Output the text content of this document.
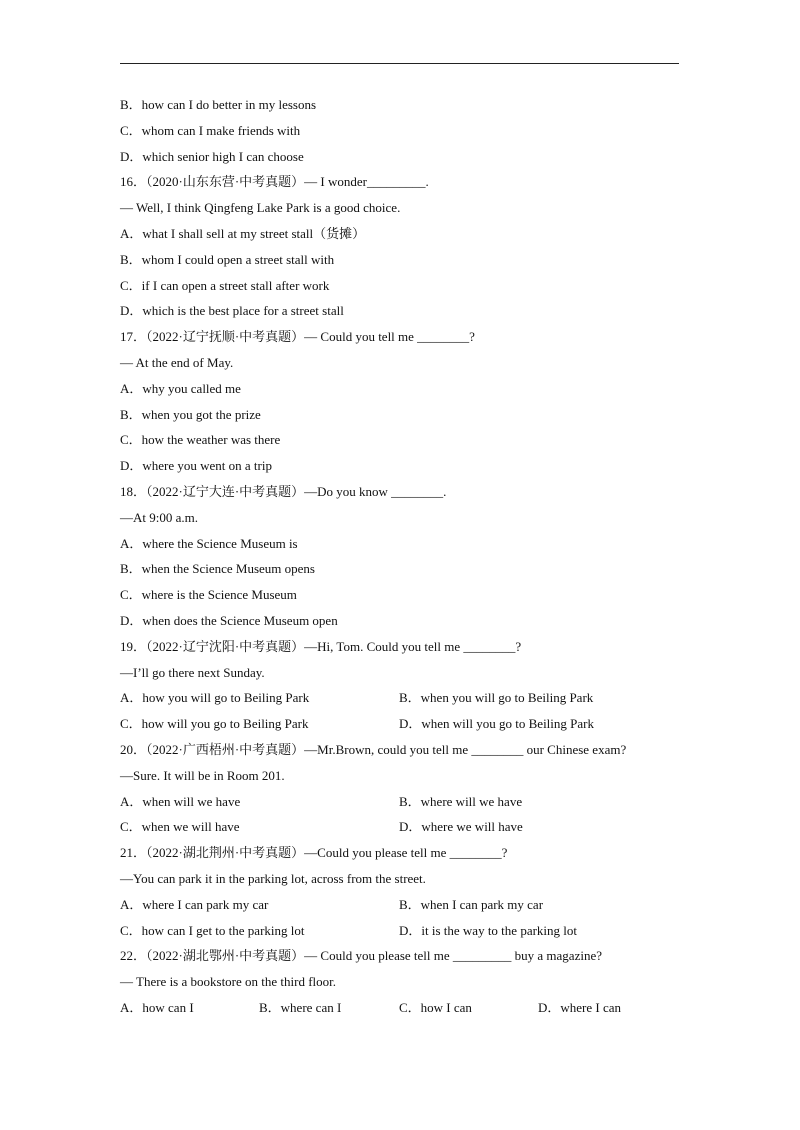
B．how can I do better in my lessons
C．whom can I make friends with
D．which senior high I can choose
16．（2020·山东东营·中考真题）— I wonder_________.
— Well, I think Qingfeng Lake Park is a good choice.
A．what I shall sell at my street stall（货摊）
B．whom I could open a street stall with
C．if I can open a street stall after work
D．which is the best place for a street stall
17．（2022·辽宁抚顺·中考真题）— Could you tell me ________?
— At the end of May.
A．why you called me
B．when you got the prize
C．how the weather was there
D．where you went on a trip
18．（2022·辽宁大连·中考真题）—Do you know ________.
—At 9:00 a.m.
A．where the Science Museum is
B．when the Science Museum opens
C．where is the Science Museum
D．when does the Science Museum open
19．（2022·辽宁沈阳·中考真题）—Hi, Tom. Could you tell me ________?
—I’ll go there next Sunday.
A．how you will go to Beiling Park	B．when you will go to Beiling Park
C．how will you go to Beiling Park	D．when will you go to Beiling Park
20．（2022·广西梧州·中考真题）—Mr.Brown, could you tell me ________ our Chinese exam?
—Sure. It will be in Room 201.
A．when will we have	B．where will we have
C．when we will have	D．where we will have
21．（2022·湖北荆州·中考真题）—Could you please tell me ________?
—You can park it in the parking lot, across from the street.
A．where I can park my car	B．when I can park my car
C．how can I get to the parking lot	D．it is the way to the parking lot
22．（2022·湖北鄂州·中考真题）— Could you please tell me _________ buy a magazine?
— There is a bookstore on the third floor.
A．how can I	B．where can I	C．how I can	D．where I can
